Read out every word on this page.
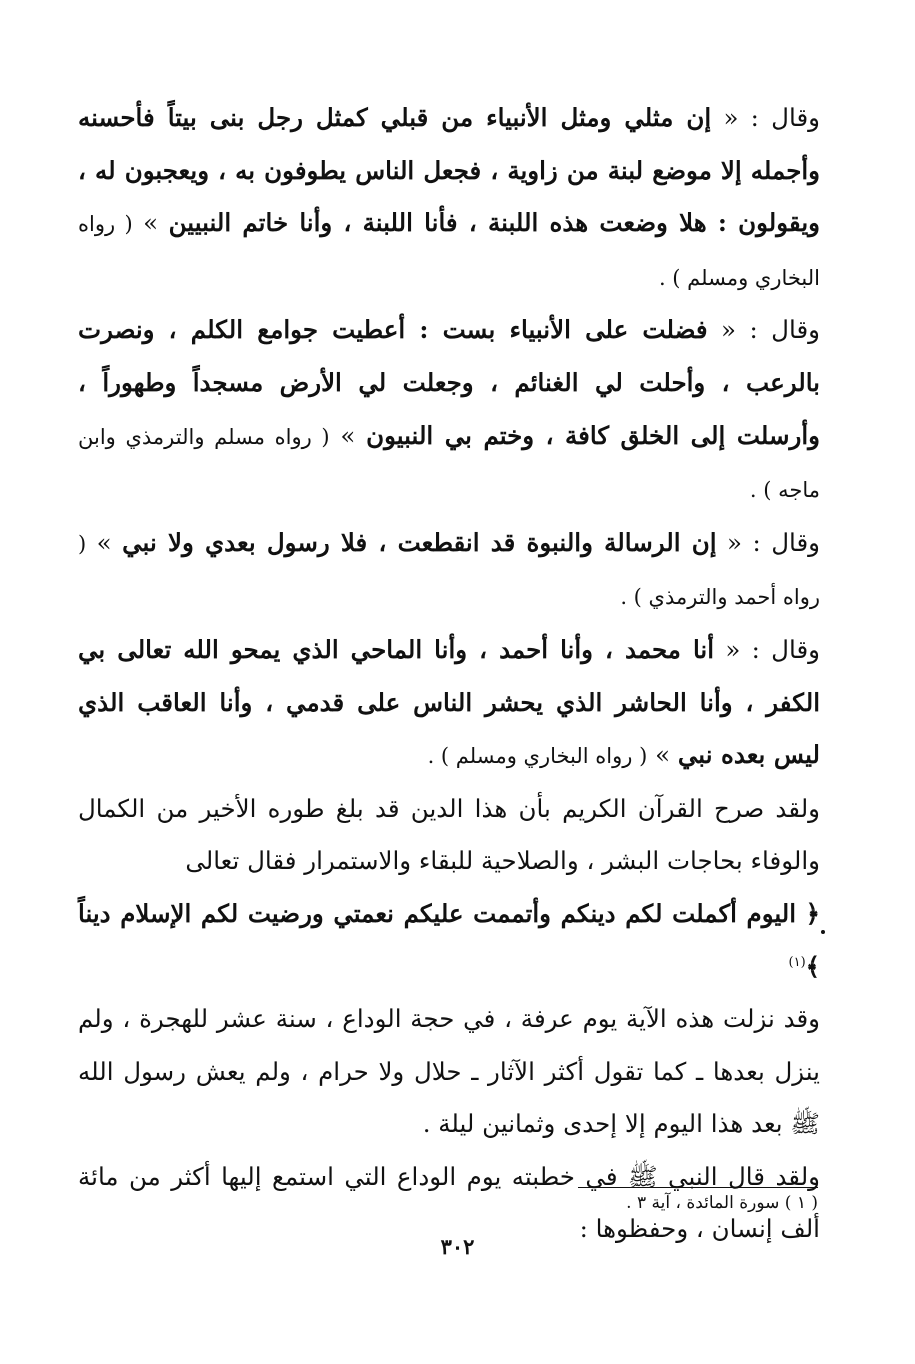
وقال : « إن مثلي ومثل الأنبياء من قبلي كمثل رجل بنى بيتاً فأحسنه وأجمله إلا موضع لبنة من زاوية ، فجعل الناس يطوفون به ، ويعجبون له ، ويقولون : هلا وضعت هذه اللبنة ، فأنا اللبنة ، وأنا خاتم النبيين » ( رواه البخاري ومسلم ) .

وقال : « فضلت على الأنبياء بست : أعطيت جوامع الكلم ، ونصرت بالرعب ، وأحلت لي الغنائم ، وجعلت لي الأرض مسجداً وطهوراً ، وأرسلت إلى الخلق كافة ، وختم بي النبيون » ( رواه مسلم والترمذي وابن ماجه ) .

وقال : « إن الرسالة والنبوة قد انقطعت ، فلا رسول بعدي ولا نبي » ( رواه أحمد والترمذي ) .

وقال : « أنا محمد ، وأنا أحمد ، وأنا الماحي الذي يمحو الله تعالى بي الكفر ، وأنا الحاشر الذي يحشر الناس على قدمي ، وأنا العاقب الذي ليس بعده نبي » ( رواه البخاري ومسلم ) .

ولقد صرح القرآن الكريم بأن هذا الدين قد بلغ طوره الأخير من الكمال والوفاء بحاجات البشر ، والصلاحية للبقاء والاستمرار فقال تعالى

﴿ اليوم أكملت لكم دينكم وأتممت عليكم نعمتي ورضيت لكم الإسلام ديناً ﴾$^{(١)}$

وقد نزلت هذه الآية يوم عرفة ، في حجة الوداع ، سنة عشر للهجرة ، ولم ينزل بعدها ـ كما تقول أكثر الآثار ـ حلال ولا حرام ، ولم يعش رسول الله ﷺ بعد هذا اليوم إلا إحدى وثمانين ليلة .

ولقد قال النبي ﷺ في خطبته يوم الوداع التي استمع إليها أكثر من مائة ألف إنسان ، وحفظوها :

( ١ ) سورة المائدة ، آية ٣ .
٣٠٢
